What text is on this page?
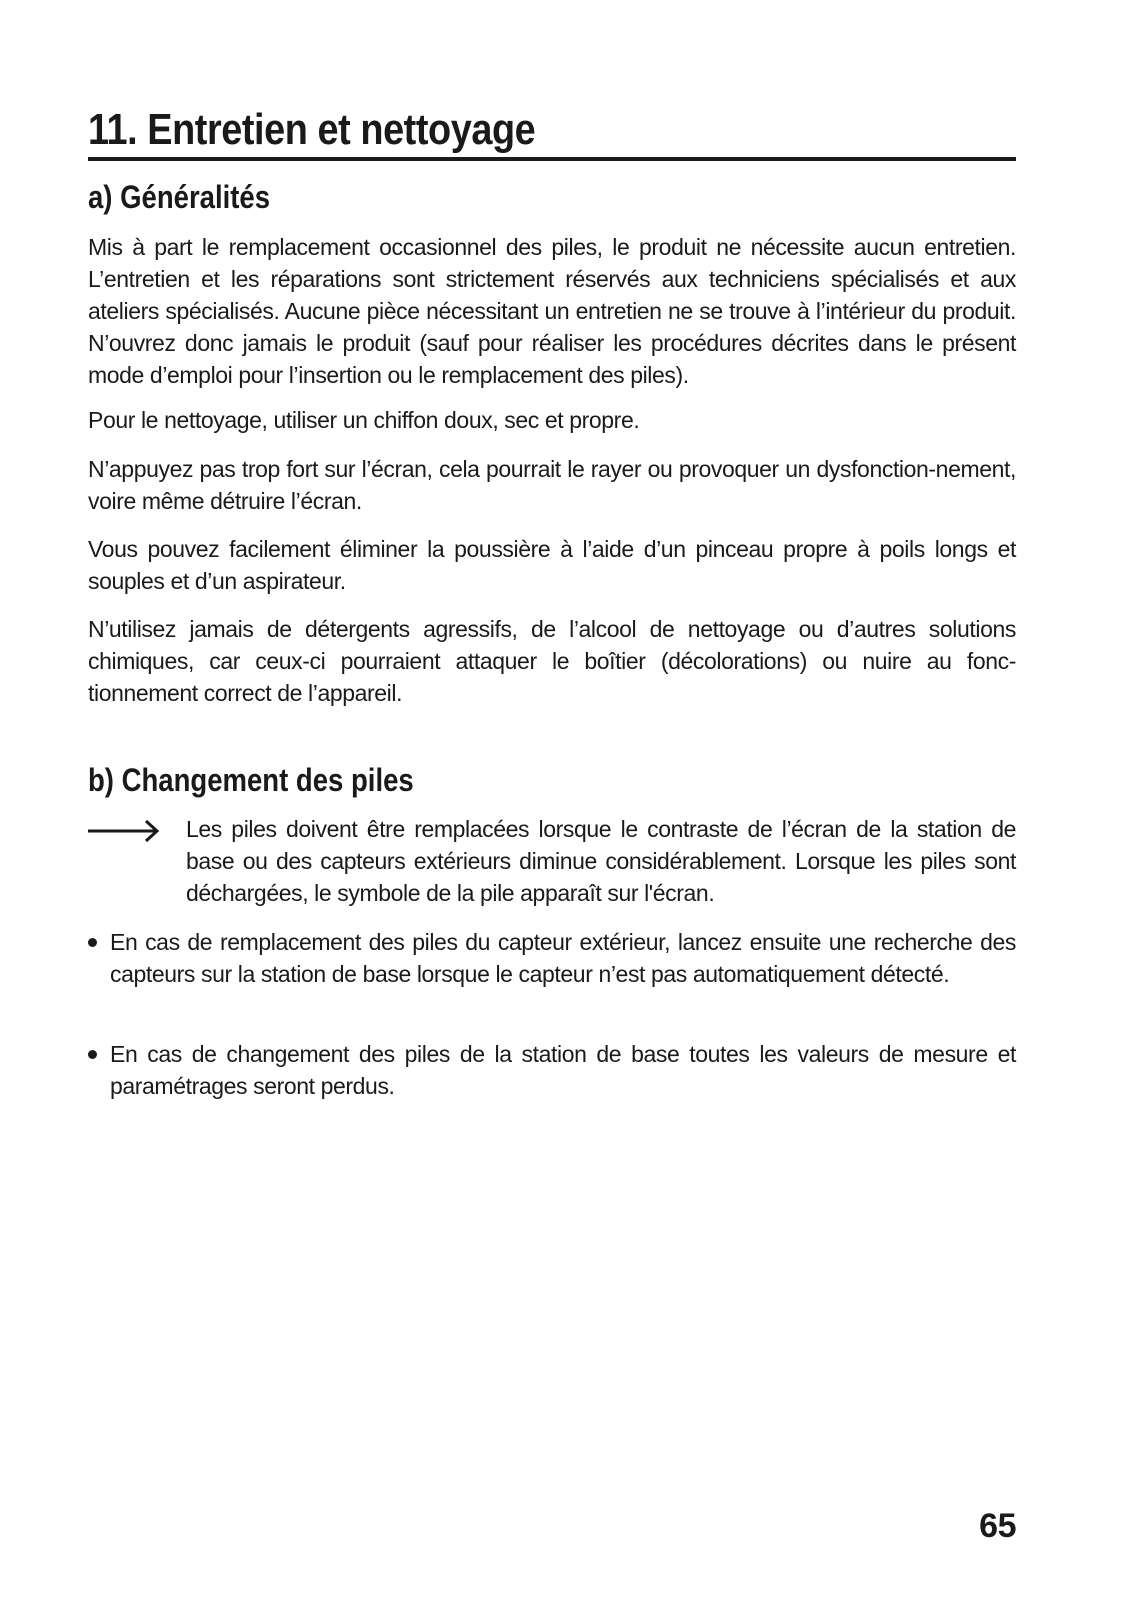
11. Entretien et nettoyage
a) Généralités

Mis à part le remplacement occasionnel des piles, le produit ne nécessite aucun entretien. L’entretien et les réparations sont strictement réservés aux techniciens spécialisés et aux ateliers spécialisés. Aucune pièce nécessitant un entretien ne se trouve à l’intérieur du produit. N’ouvrez donc jamais le produit (sauf pour réaliser les procédures décrites dans le présent mode d’emploi pour l’insertion ou le remplacement des piles).

Pour le nettoyage, utiliser un chiffon doux, sec et propre.

N’appuyez pas trop fort sur l’écran, cela pourrait le rayer ou provoquer un dysfonction-nement, voire même détruire l’écran.

Vous pouvez facilement éliminer la poussière à l’aide d’un pinceau propre à poils longs et souples et d’un aspirateur.

N’utilisez jamais de détergents agressifs, de l’alcool de nettoyage ou d’autres solutions chimiques, car ceux-ci pourraient attaquer le boîtier (décolorations) ou nuire au fonc-tionnement correct de l’appareil.

b) Changement des piles

Les piles doivent être remplacées lorsque le contraste de l’écran de la station de base ou des capteurs extérieurs diminue considérablement. Lorsque les piles sont déchargées, le symbole de la pile apparaît sur l'écran.

En cas de remplacement des piles du capteur extérieur, lancez ensuite une recherche des capteurs sur la station de base lorsque le capteur n’est pas automatiquement détecté.

En cas de changement des piles de la station de base toutes les valeurs de mesure et paramétrages seront perdus.

65
